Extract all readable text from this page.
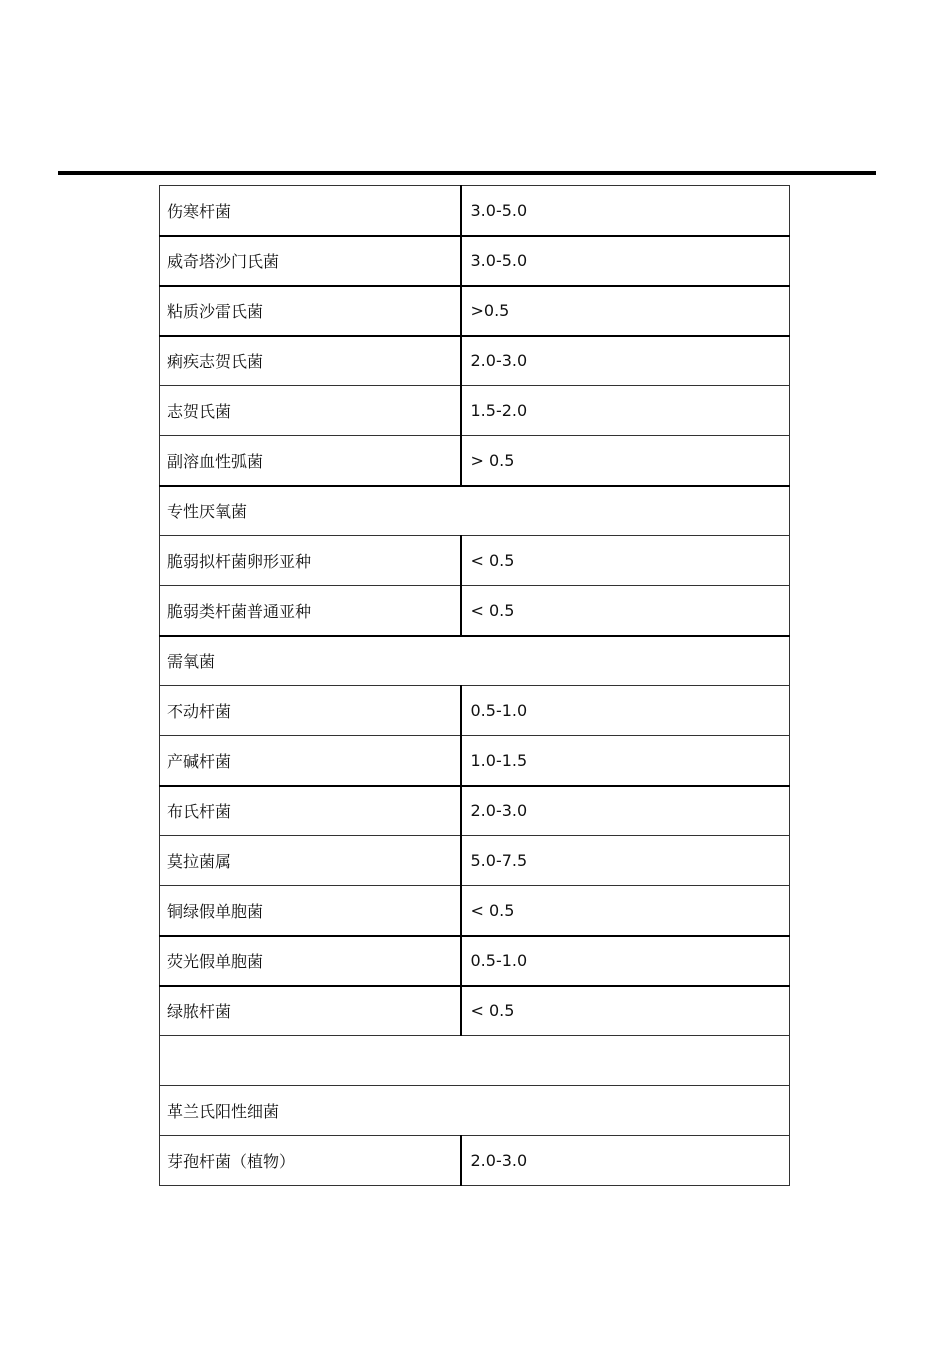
伤寒杆菌	3.0-5.0
威奇塔沙门氏菌	3.0-5.0
粘质沙雷氏菌	>0.5
痢疾志贺氏菌	2.0-3.0
志贺氏菌	1.5-2.0
副溶血性弧菌	> 0.5
专性厌氧菌	
脆弱拟杆菌卵形亚种	< 0.5
脆弱类杆菌普通亚种	< 0.5
需氧菌	
不动杆菌	0.5-1.0
产碱杆菌	1.0-1.5
布氏杆菌	2.0-3.0
莫拉菌属	5.0-7.5
铜绿假单胞菌	< 0.5
荧光假单胞菌	0.5-1.0
绿脓杆菌	< 0.5

革兰氏阳性细菌	
芽孢杆菌（植物）	2.0-3.0
